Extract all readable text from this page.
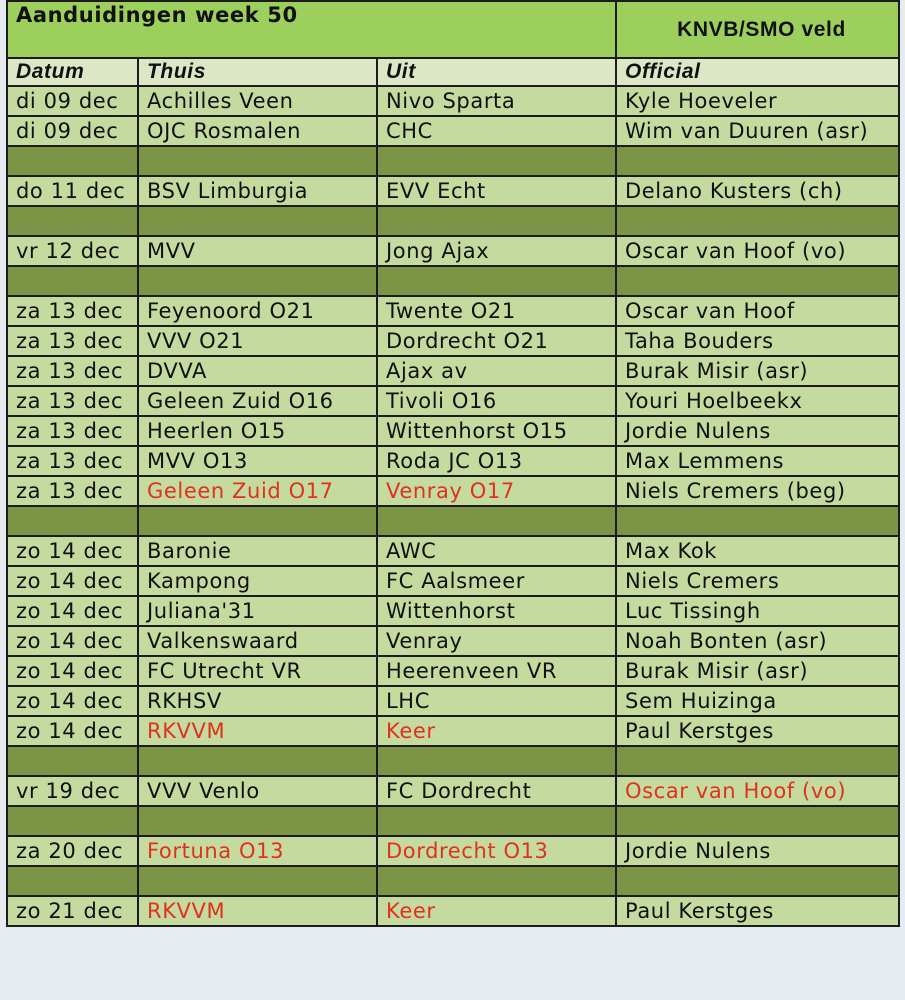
Aanduidingen week 50			KNVB/SMO veld
Datum	Thuis	Uit	Official
di 09 dec	Achilles Veen	Nivo Sparta	Kyle Hoeveler
di 09 dec	OJC Rosmalen	CHC	Wim van Duuren (asr)

do 11 dec	BSV Limburgia	EVV Echt	Delano Kusters (ch)

vr 12 dec	MVV	Jong Ajax	Oscar van Hoof (vo)

za 13 dec	Feyenoord O21	Twente O21	Oscar van Hoof
za 13 dec	VVV O21	Dordrecht O21	Taha Bouders
za 13 dec	DVVA	Ajax av	Burak Misir (asr)
za 13 dec	Geleen Zuid O16	Tivoli O16	Youri Hoelbeekx
za 13 dec	Heerlen O15	Wittenhorst O15	Jordie Nulens
za 13 dec	MVV O13	Roda JC O13	Max Lemmens
za 13 dec	Geleen Zuid O17	Venray O17	Niels Cremers (beg)

zo 14 dec	Baronie	AWC	Max Kok
zo 14 dec	Kampong	FC Aalsmeer	Niels Cremers
zo 14 dec	Juliana'31	Wittenhorst	Luc Tissingh
zo 14 dec	Valkenswaard	Venray	Noah Bonten (asr)
zo 14 dec	FC Utrecht VR	Heerenveen VR	Burak Misir (asr)
zo 14 dec	RKHSV	LHC	Sem Huizinga
zo 14 dec	RKVVM	Keer	Paul Kerstges

vr 19 dec	VVV Venlo	FC Dordrecht	Oscar van Hoof (vo)

za 20 dec	Fortuna O13	Dordrecht O13	Jordie Nulens

zo 21 dec	RKVVM	Keer	Paul Kerstges
